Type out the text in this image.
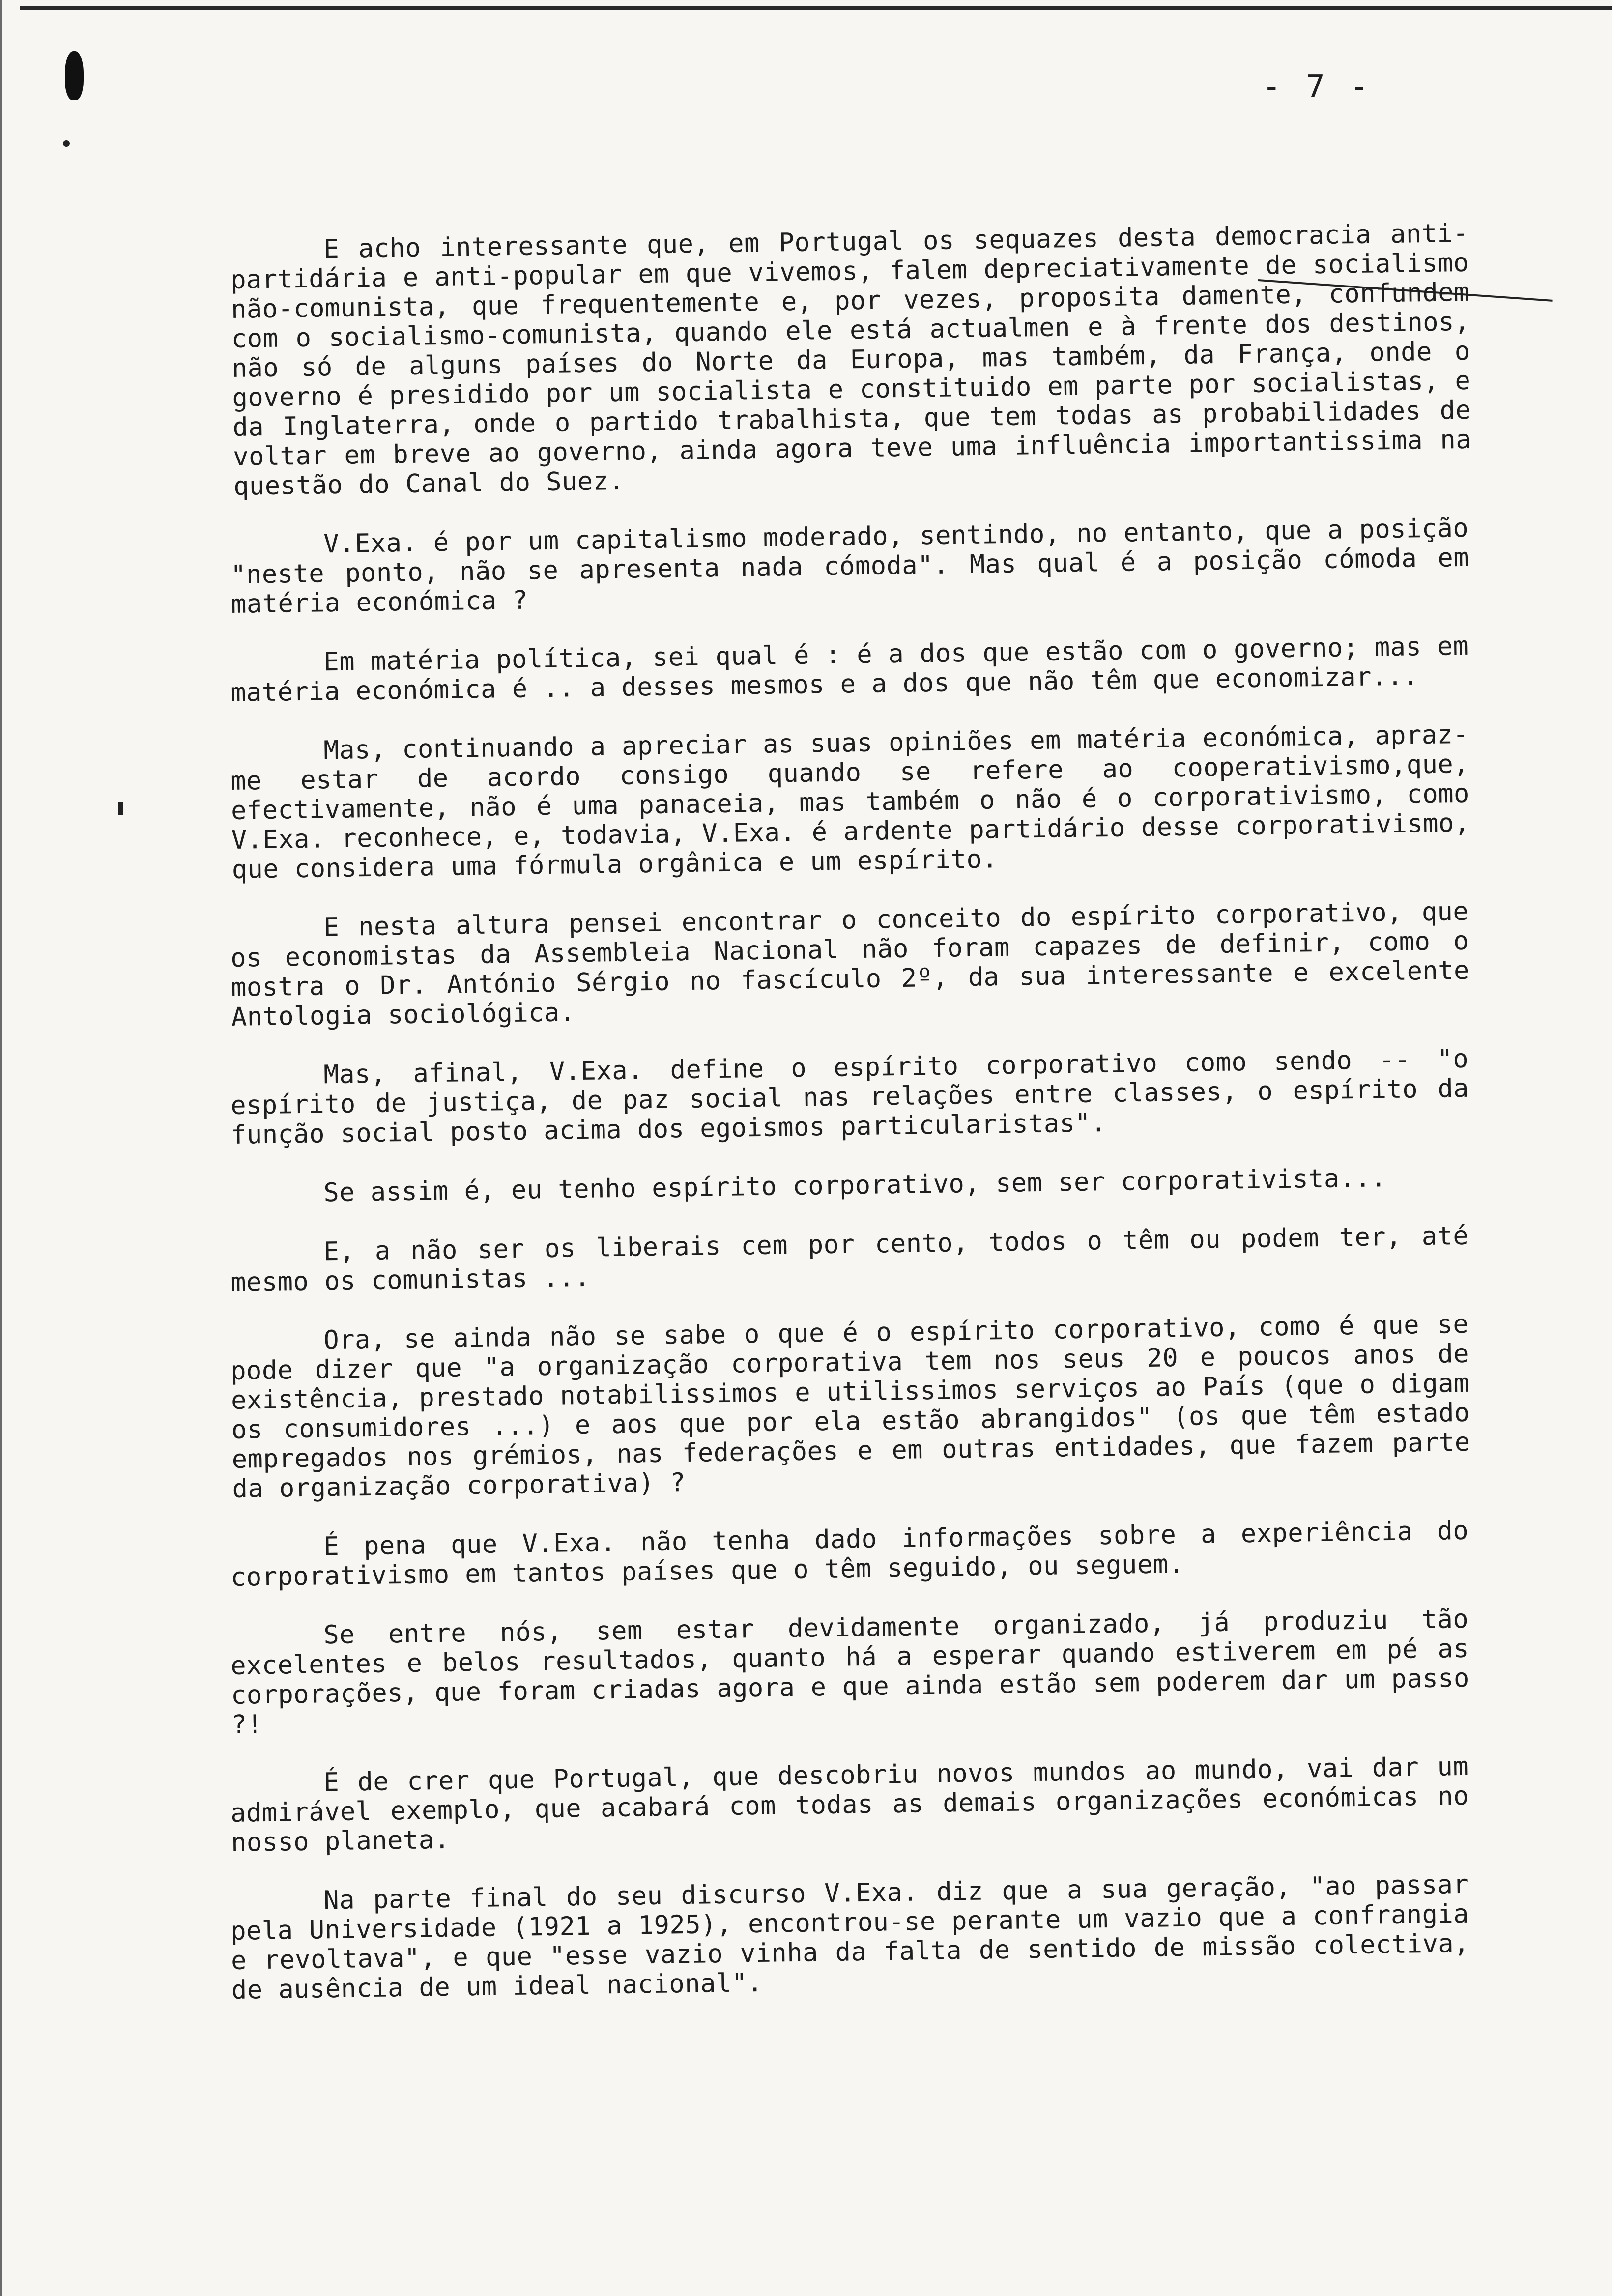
- 7 -

E acho interessante que, em Portugal os sequazes desta democracia anti-partidária e anti-popular em que vivemos, falem depreciativamente de socialismo não-comunista, que frequentemente e, por vezes, proposita damente, confundem com o socialismo-comunista, quando ele está actualmen e à frente dos destinos, não só de alguns países do Norte da Europa, mas também, da França, onde o governo é presidido por um socialista e constituido em parte por socialistas, e da Inglaterra, onde o partido trabalhista, que tem todas as probabilidades de voltar em breve ao governo, ainda agora teve uma influência importantissima na questão do Canal do Suez.

V.Exa. é por um capitalismo moderado, sentindo, no entanto, que a posição "neste ponto, não se apresenta nada cómoda". Mas qual é a posição cómoda em matéria económica ?

Em matéria política, sei qual é : é a dos que estão com o governo; mas em matéria económica é .. a desses mesmos e a dos que não têm que economizar...

Mas, continuando a apreciar as suas opiniões em matéria económica, apraz-me estar de acordo consigo quando se refere ao cooperativismo,que, efectivamente, não é uma panaceia, mas também o não é o corporativismo, como V.Exa. reconhece, e, todavia, V.Exa. é ardente partidário desse corporativismo, que considera uma fórmula orgânica e um espírito.

E nesta altura pensei encontrar o conceito do espírito corporativo, que os economistas da Assembleia Nacional não foram capazes de definir, como o mostra o Dr. António Sérgio no fascículo 2º, da sua interessante e excelente Antologia sociológica.

Mas, afinal, V.Exa. define o espírito corporativo como sendo -- "o espírito de justiça, de paz social nas relações entre classes, o espírito da função social posto acima dos egoismos particularistas".

Se assim é, eu tenho espírito corporativo, sem ser corporativista...

E, a não ser os liberais cem por cento, todos o têm ou podem ter, até mesmo os comunistas ...

Ora, se ainda não se sabe o que é o espírito corporativo, como é que se pode dizer que "a organização corporativa tem nos seus 20 e poucos anos de existência, prestado notabilissimos e utilissimos serviços ao País (que o digam os consumidores ...) e aos que por ela estão abrangidos" (os que têm estado empregados nos grémios, nas federações e em outras entidades, que fazem parte da organização corporativa) ?

É pena que V.Exa. não tenha dado informações sobre a experiência do corporativismo em tantos países que o têm seguido, ou seguem.

Se entre nós, sem estar devidamente organizado, já produziu tão excelentes e belos resultados, quanto há a esperar quando estiverem em pé as corporações, que foram criadas agora e que ainda estão sem poderem dar um passo ?!

É de crer que Portugal, que descobriu novos mundos ao mundo, vai dar um admirável exemplo, que acabará com todas as demais organizações económicas no nosso planeta.

Na parte final do seu discurso V.Exa. diz que a sua geração, "ao passar pela Universidade (1921 a 1925), encontrou-se perante um vazio que a confrangia e revoltava", e que "esse vazio vinha da falta de sentido de missão colectiva, de ausência de um ideal nacional".
